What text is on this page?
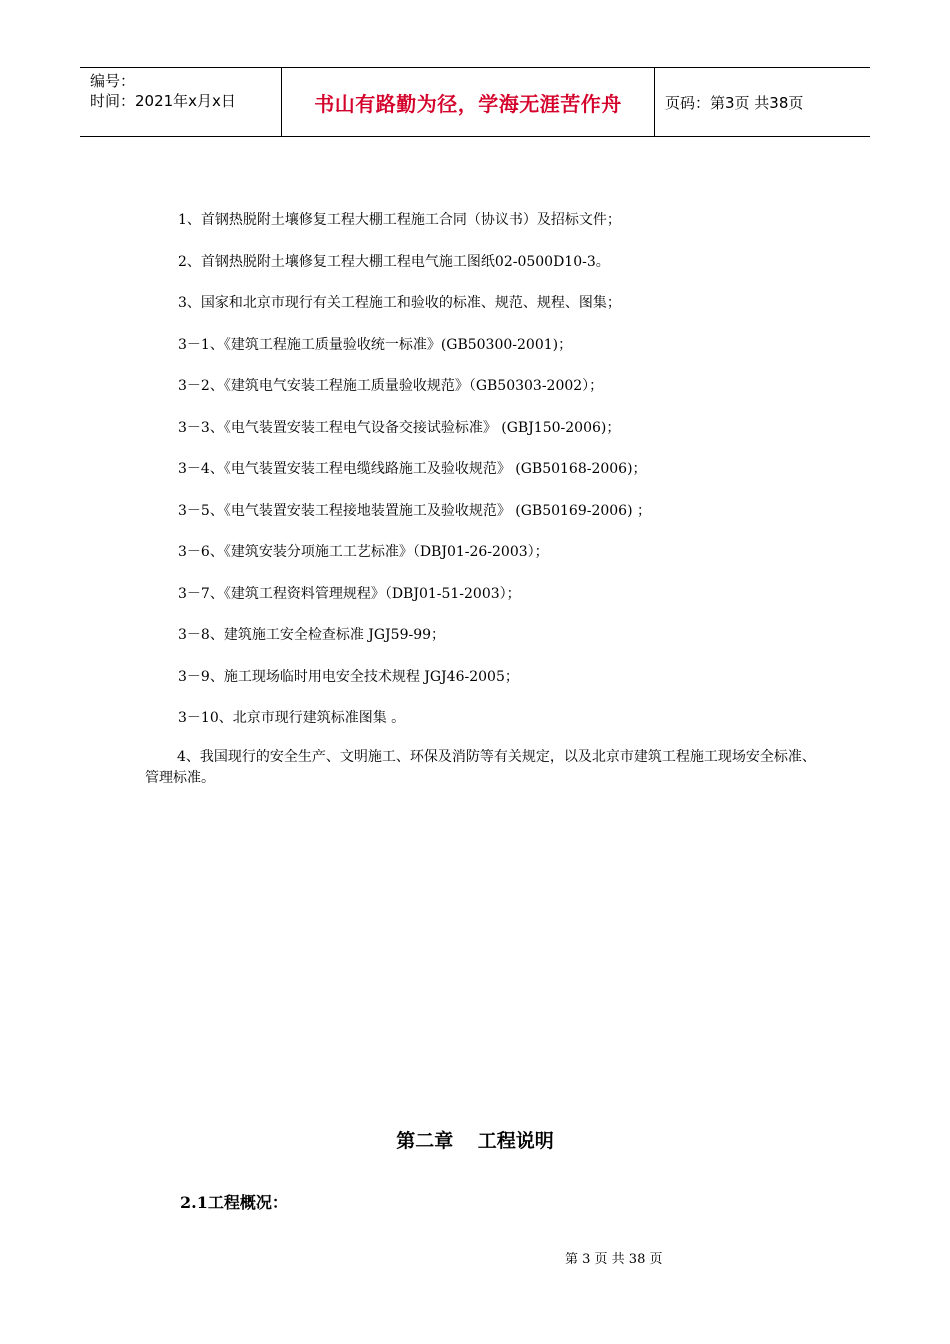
编号：
时间：2021年x月x日	书山有路勤为径，学海无涯苦作舟	页码：第3页 共38页
1、首钢热脱附土壤修复工程大棚工程施工合同（协议书）及招标文件；
2、首钢热脱附土壤修复工程大棚工程电气施工图纸02-0500D10-3。
3、国家和北京市现行有关工程施工和验收的标准、规范、规程、图集；
3－1、《建筑工程施工质量验收统一标准》(GB50300-2001)；
3－2、《建筑电气安装工程施工质量验收规范》（GB50303-2002）；
3－3、《电气装置安装工程电气设备交接试验标准》 (GBJ150-2006)；
3－4、《电气装置安装工程电缆线路施工及验收规范》 (GB50168-2006)；
3－5、《电气装置安装工程接地装置施工及验收规范》 (GB50169-2006) ；
3－6、《建筑安装分项施工工艺标准》（DBJ01-26-2003）；
3－7、《建筑工程资料管理规程》（DBJ01-51-2003）；
3－8、建筑施工安全检查标准 JGJ59-99；
3－9、施工现场临时用电安全技术规程 JGJ46-2005；
3－10、北京市现行建筑标准图集 。
4、我国现行的安全生产、文明施工、环保及消防等有关规定，以及北京市建筑工程施工现场安全标准、管理标准。
第二章 工程说明
2.1工程概况：
第 3 页 共 38 页
